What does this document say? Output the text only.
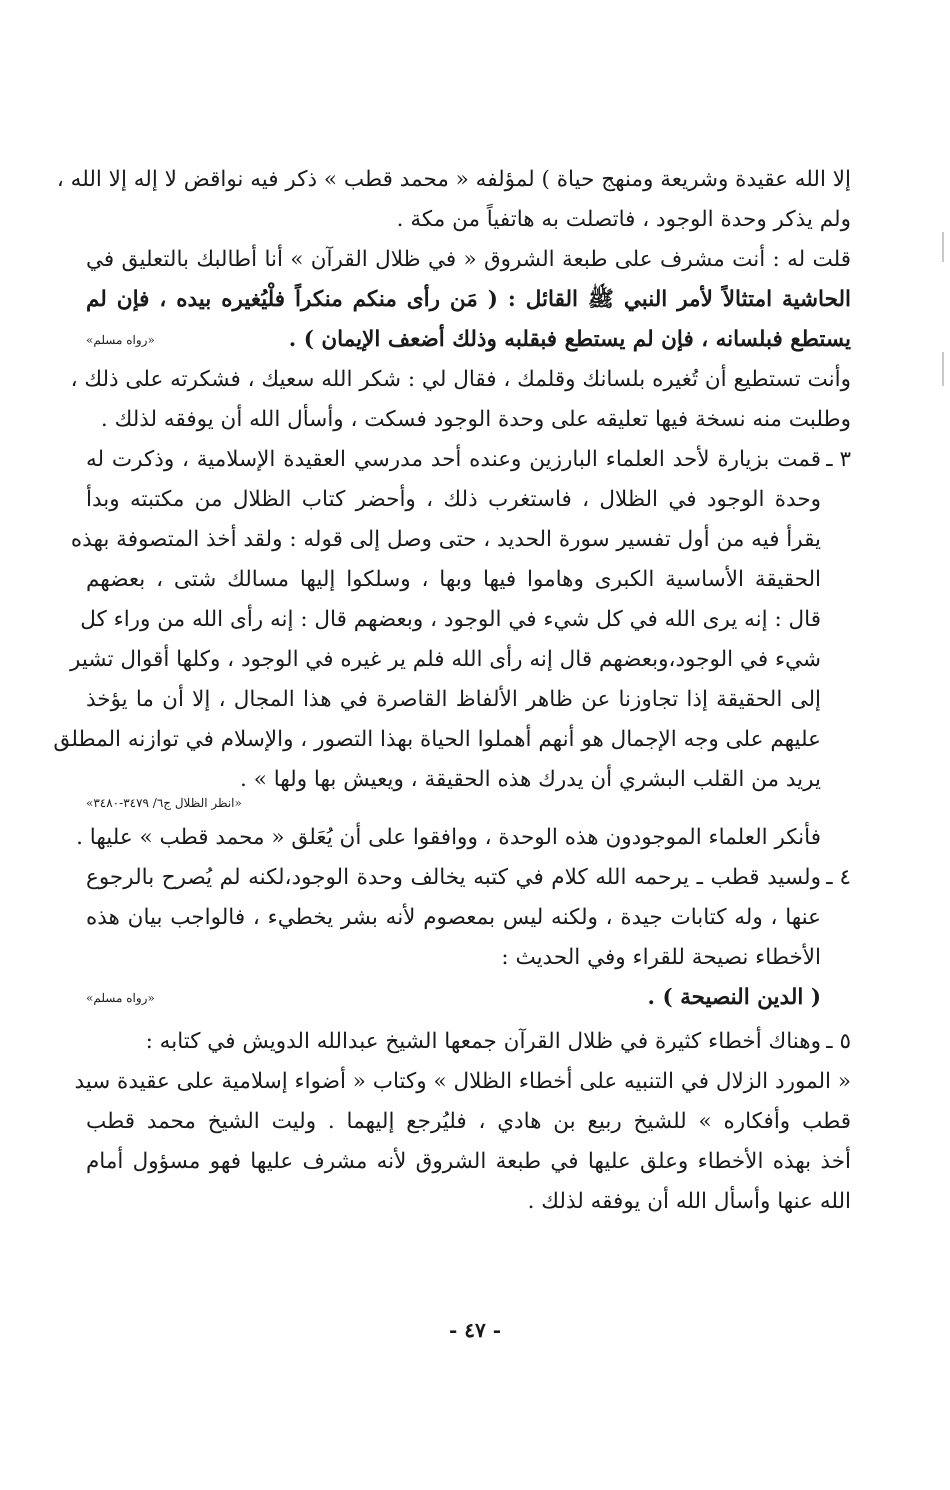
إلا الله عقيدة وشريعة ومنهج حياة ) لمؤلفه « محمد قطب » ذكر فيه نواقض لا إله إلا الله ،
ولم يذكر وحدة الوجود ، فاتصلت به هاتفياً من مكة .
قلت له : أنت مشرف على طبعة الشروق « في ظلال القرآن » أنا أطالبك بالتعليق في
الحاشية امتثالاً لأمر النبي ﷺ القائل : ( مَن رأى منكم منكراً فلْيُغيره بيده ، فإن لم
يستطع فبلسانه ، فإن لم يستطع فبقلبه وذلك أضعف الإيمان ) .
«رواه مسلم»
وأنت تستطيع أن تُغيره بلسانك وقلمك ، فقال لي : شكر الله سعيك ، فشكرته على ذلك ،
وطلبت منه نسخة فيها تعليقه على وحدة الوجود فسكت ، وأسأل الله أن يوفقه لذلك .
٣ ـ
قمت بزيارة لأحد العلماء البارزين وعنده أحد مدرسي العقيدة الإسلامية ، وذكرت له
وحدة الوجود في الظلال ، فاستغرب ذلك ، وأحضر كتاب الظلال من مكتبته وبدأ
يقرأ فيه من أول تفسير سورة الحديد ، حتى وصل إلى قوله : ولقد أخذ المتصوفة بهذه
الحقيقة الأساسية الكبرى وهاموا فيها وبها ، وسلكوا إليها مسالك شتى ، بعضهم
قال : إنه يرى الله في كل شيء في الوجود ، وبعضهم قال : إنه رأى الله من وراء كل
شيء في الوجود،وبعضهم قال إنه رأى الله فلم ير غيره في الوجود ، وكلها أقوال تشير
إلى الحقيقة إذا تجاوزنا عن ظاهر الألفاظ القاصرة في هذا المجال ، إلا أن ما يؤخذ
عليهم على وجه الإجمال هو أنهم أهملوا الحياة بهذا التصور ، والإسلام في توازنه المطلق
يريد من القلب البشري أن يدرك هذه الحقيقة ، ويعيش بها ولها » .
«انظر الظلال ج٦/ ٣٤٧٩-٣٤٨٠»
فأنكر العلماء الموجودون هذه الوحدة ، ووافقوا على أن يُعَلق « محمد قطب » عليها .
٤ ـ
ولسيد قطب ـ يرحمه الله كلام في كتبه يخالف وحدة الوجود،لكنه لم يُصرح بالرجوع
عنها ، وله كتابات جيدة ، ولكنه ليس بمعصوم لأنه بشر يخطيء ، فالواجب بيان هذه
الأخطاء نصيحة للقراء وفي الحديث :
( الدين النصيحة ) .
«رواه مسلم»
٥ ـ
وهناك أخطاء كثيرة في ظلال القرآن جمعها الشيخ عبدالله الدويش في كتابه :
« المورد الزلال في التنبيه على أخطاء الظلال » وكتاب « أضواء إسلامية على عقيدة سيد
قطب وأفكاره » للشيخ ربيع بن هادي ، فليُرجع إليهما . وليت الشيخ محمد قطب
أخذ بهذه الأخطاء وعلق عليها في طبعة الشروق لأنه مشرف عليها فهو مسؤول أمام
الله عنها وأسأل الله أن يوفقه لذلك .
- ٤٧ -
